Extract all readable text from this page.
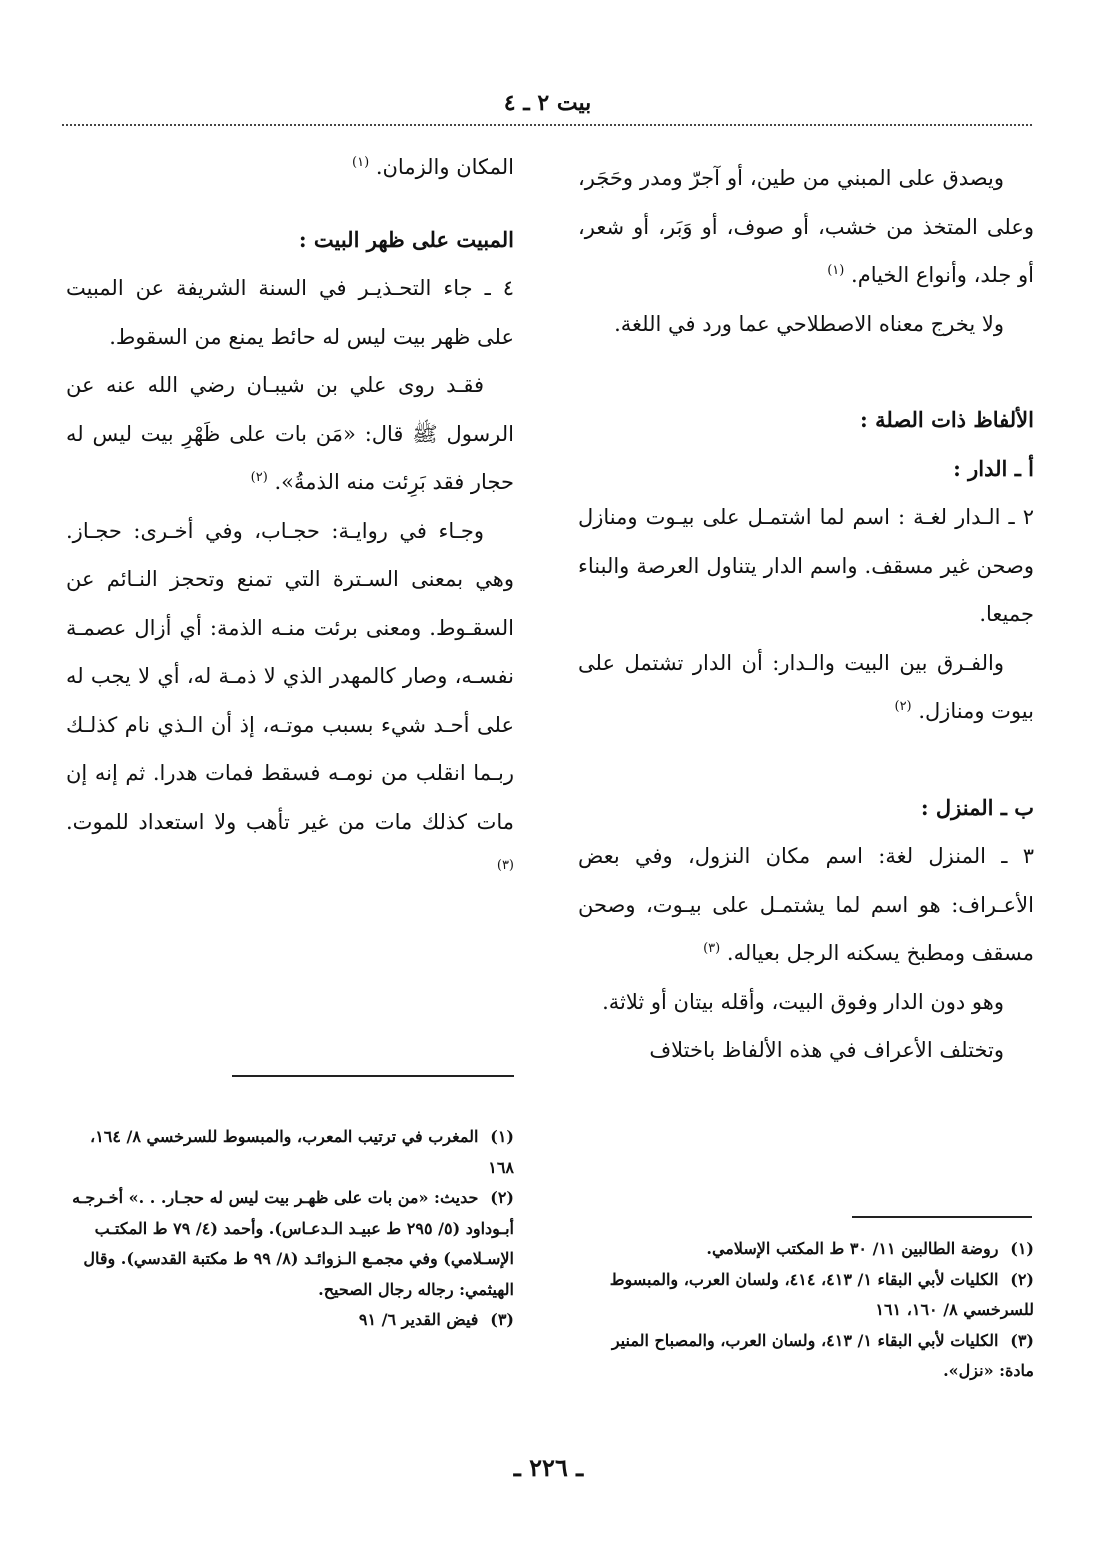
بيت ٢ ـ ٤

ويصدق على المبني من طين، أو آجرّ ومدر وحَجَر، وعلى المتخذ من خشب، أو صوف، أو وَبَر، أو شعر، أو جلد، وأنواع الخيام. $^{(١)}$

ولا يخرج معناه الاصطلاحي عما ورد في اللغة.

الألفاظ ذات الصلة :

أ ـ الدار :

٢ ـ الـدار لغـة : اسم لما اشتمـل على بيـوت ومنازل وصحن غير مسقف. واسم الدار يتناول العرصة والبناء جميعا.

والفـرق بين البيت والـدار: أن الدار تشتمل على بيوت ومنازل. $^{(٢)}$

ب ـ المنزل :

٣ ـ المنزل لغة: اسم مكان النزول، وفي بعض الأعـراف: هو اسم لما يشتمـل على بيـوت، وصحن مسقف ومطبخ يسكنه الرجل بعياله. $^{(٣)}$

وهو دون الدار وفوق البيت، وأقله بيتان أو ثلاثة.

وتختلف الأعراف في هذه الألفاظ باختلاف

المكان والزمان. $^{(١)}$

المبيت على ظهر البيت :

٤ ـ جاء التحـذيـر في السنة الشريفة عن المبيت على ظهر بيت ليس له حائط يمنع من السقوط.

فقـد روى علي بن شيبـان رضي الله عنه عن الرسول ﷺ قال: «مَن بات على ظَهْرِ بيت ليس له حجار فقد بَرِئت منه الذمةُ». $^{(٢)}$

وجـاء في روايـة: حجـاب، وفي أخـرى: حجـاز. وهي بمعنى السـترة التي تمنع وتحجز النـائم عن السقـوط. ومعنى برئت منـه الذمة: أي أزال عصمـة نفسـه، وصار كالمهدر الذي لا ذمـة له، أي لا يجب له على أحـد شيء بسبب موتـه، إذ أن الـذي نام كذلـك ربـما انقلب من نومـه فسقط فمات هدرا. ثم إنه إن مات كذلك مات من غير تأهب ولا استعداد للموت. $^{(٣)}$

(١) روضة الطالبين ١١/ ٣٠ ط المكتب الإسلامي.

(٢) الكليات لأبي البقاء ١/ ٤١٣، ٤١٤، ولسان العرب، والمبسوط للسرخسي ٨/ ١٦٠، ١٦١

(٣) الكليات لأبي البقاء ١/ ٤١٣، ولسان العرب، والمصباح المنير مادة: «نزل».

(١) المغرب في ترتيب المعرب، والمبسوط للسرخسي ٨/ ١٦٤، ١٦٨

(٢) حديث: «من بات على ظهـر بيت ليس له حجـار. . .» أخـرجـه أبـوداود (٥/ ٢٩٥ ط عبيـد الـدعـاس). وأحمد (٤/ ٧٩ ط المكتـب الإسـلامي) وفي مجمـع الـزوائـد (٨/ ٩٩ ط مكتبة القدسي). وقال الهيثمي: رجاله رجال الصحيح.

(٣) فيض القدير ٦/ ٩١

ـ ٢٢٦ ـ
